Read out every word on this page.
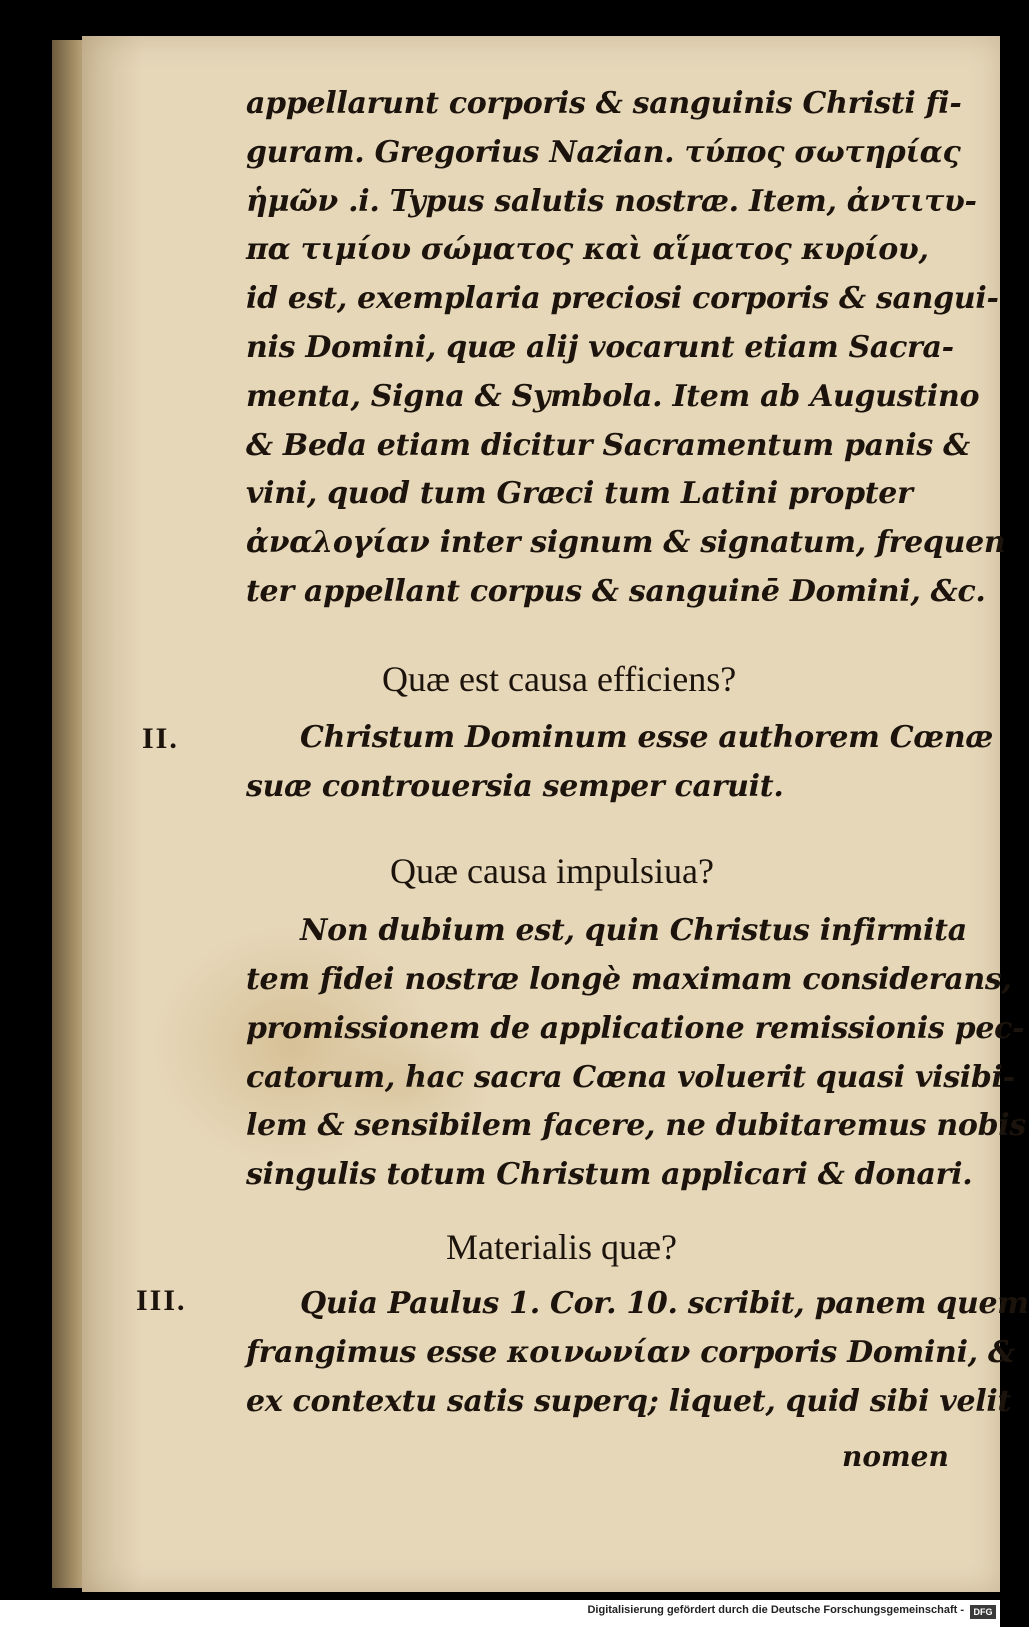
appellarunt corporis & sanguinis Christi fi-
guram. Gregorius Nazian. τύπος σωτηρίας
ἡμῶν .i. Typus salutis nostræ. Item, ἀντιτυ-
πα τιμίου σώματος καὶ αἵματος κυρίου,
id est, exemplaria preciosi corporis & sangui-
nis Domini, quæ alij vocarunt etiam Sacra-
menta, Signa & Symbola. Item ab Augustino
& Beda etiam dicitur Sacramentum panis &
vini, quod tum Græci tum Latini propter
ἀναλογίαν inter signum & signatum, frequen
ter appellant corpus & sanguinē Domini, &c.
Quæ est causa efficiens?
II.	Christum Dominum esse authorem Cœnæ
suæ controuersia semper caruit.
Quæ causa impulsiua?
Non dubium est, quin Christus infirmita
tem fidei nostræ longè maximam considerans,
promissionem de applicatione remissionis pec-
catorum, hac sacra Cœna voluerit quasi visibi-
lem & sensibilem facere, ne dubitaremus nobis
singulis totum Christum applicari & donari.
Materialis quæ?
III.	Quia Paulus 1. Cor. 10. scribit, panem quem
frangimus esse κοινωνίαν corporis Domini, &
ex contextu satis superq; liquet, quid sibi velit
nomen
Digitalisierung gefördert durch die Deutsche Forschungsgemeinschaft -	DFG
